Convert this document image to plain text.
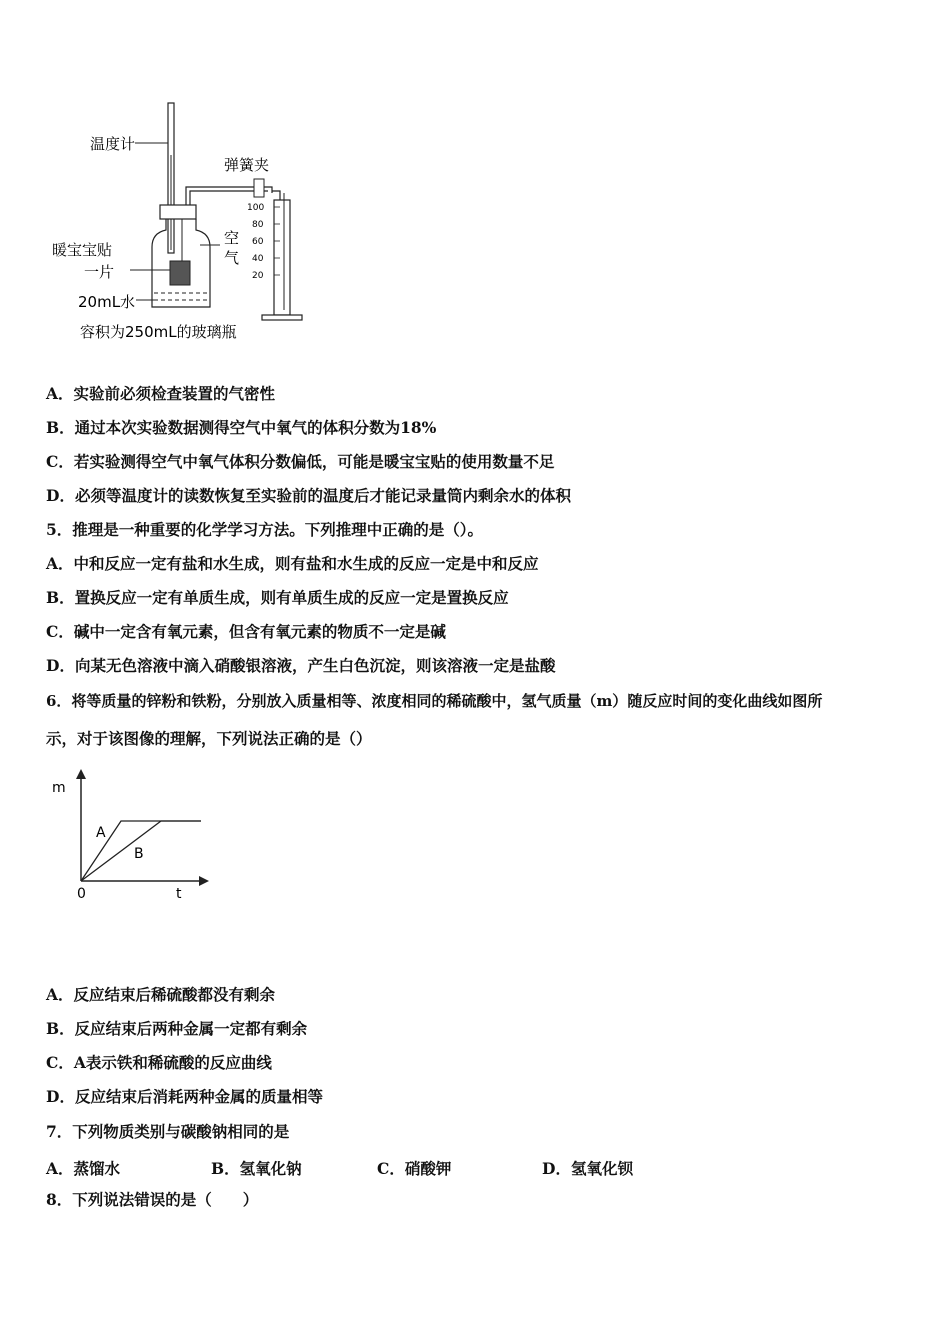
温度计
弹簧夹
暖宝宝贴
一片
20mL水
空
气
容积为250mL的玻璃瓶
100
80
60
40
20
A．实验前必须检查装置的气密性
B．通过本次实验数据测得空气中氧气的体积分数为18%
C．若实验测得空气中氧气体积分数偏低，可能是暖宝宝贴的使用数量不足
D．必须等温度计的读数恢复至实验前的温度后才能记录量筒内剩余水的体积
5．推理是一种重要的化学学习方法。下列推理中正确的是（）。
A．中和反应一定有盐和水生成，则有盐和水生成的反应一定是中和反应
B．置换反应一定有单质生成，则有单质生成的反应一定是置换反应
C．碱中一定含有氧元素，但含有氧元素的物质不一定是碱
D．向某无色溶液中滴入硝酸银溶液，产生白色沉淀，则该溶液一定是盐酸
6．将等质量的锌粉和铁粉，分别放入质量相等、浓度相同的稀硫酸中，氢气质量（m）随反应时间的变化曲线如图所
示，对于该图像的理解，下列说法正确的是（）
m
t
0
A
B
A．反应结束后稀硫酸都没有剩余
B．反应结束后两种金属一定都有剩余
C．A表示铁和稀硫酸的反应曲线
D．反应结束后消耗两种金属的质量相等
7．下列物质类别与碳酸钠相同的是
A．蒸馏水	B．氢氧化钠	C．硝酸钾	D．氢氧化钡
8．下列说法错误的是（　　）
